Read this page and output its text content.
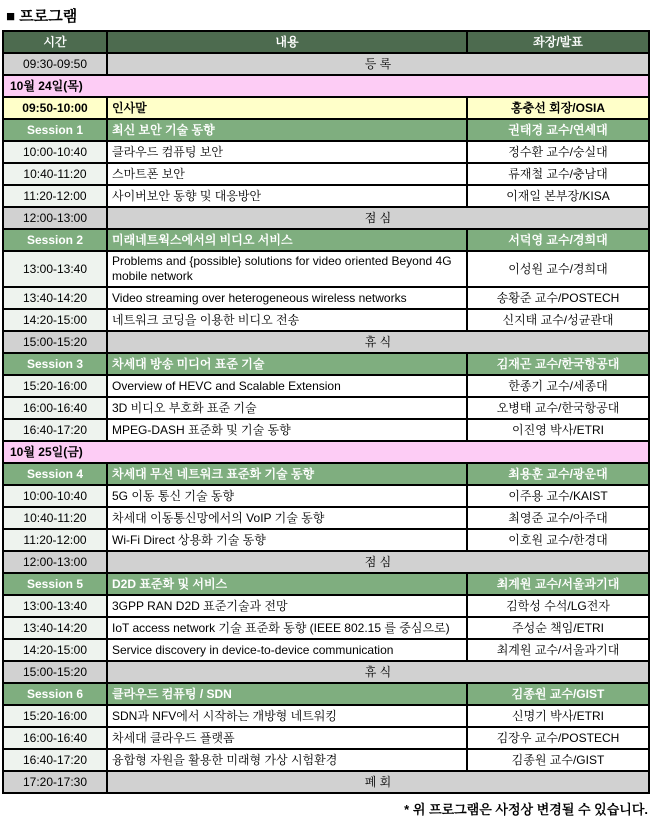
■ 프로그램
시간	내용	좌장/발표
09:30-09:50	등 록	
10월 24일(목)		
09:50-10:00	인사말	홍충선 회장/OSIA
Session 1	최신 보안 기술 동향	권태경 교수/연세대
10:00-10:40	클라우드 컴퓨팅 보안	정수환 교수/숭실대
10:40-11:20	스마트폰 보안	류재철 교수/충남대
11:20-12:00	사이버보안 동향 및 대응방안	이재일 본부장/KISA
12:00-13:00	점 심	
Session 2	미래네트웍스에서의 비디오 서비스	서덕영 교수/경희대
13:00-13:40	Problems and {possible} solutions for video oriented Beyond 4G mobile network	이성원 교수/경희대
13:40-14:20	Video streaming over heterogeneous wireless networks	송황준 교수/POSTECH
14:20-15:00	네트워크 코딩을 이용한 비디오 전송	신지태 교수/성균관대
15:00-15:20	휴 식	
Session 3	차세대 방송 미디어 표준 기술	김재곤 교수/한국항공대
15:20-16:00	Overview of HEVC and Scalable Extension	한종기 교수/세종대
16:00-16:40	3D 비디오 부호화 표준 기술	오병태 교수/한국항공대
16:40-17:20	MPEG-DASH 표준화 및 기술 동향	이진영 박사/ETRI
10월 25일(금)		
Session 4	차세대 무선 네트워크 표준화 기술 동향	최용훈 교수/광운대
10:00-10:40	5G 이동 통신 기술 동향	이주용 교수/KAIST
10:40-11:20	차세대 이동통신망에서의 VoIP 기술 동향	최영준 교수/아주대
11:20-12:00	Wi-Fi Direct 상용화 기술 동향	이호원 교수/한경대
12:00-13:00	점 심	
Session 5	D2D 표준화 및 서비스	최계원 교수/서울과기대
13:00-13:40	3GPP RAN D2D 표준기술과 전망	김학성 수석/LG전자
13:40-14:20	IoT access network 기술 표준화 동향 (IEEE 802.15 를 중심으로)	주성순 책임/ETRI
14:20-15:00	Service discovery in device-to-device communication	최계원 교수/서울과기대
15:00-15:20	휴 식	
Session 6	클라우드 컴퓨팅 / SDN	김종원 교수/GIST
15:20-16:00	SDN과 NFV에서 시작하는 개방형 네트워킹	신명기 박사/ETRI
16:00-16:40	차세대 클라우드 플랫폼	김장우 교수/POSTECH
16:40-17:20	융합형 자원을 활용한 미래형 가상 시험환경	김종원 교수/GIST
17:20-17:30	폐 회	
* 위 프로그램은 사정상 변경될 수 있습니다.
